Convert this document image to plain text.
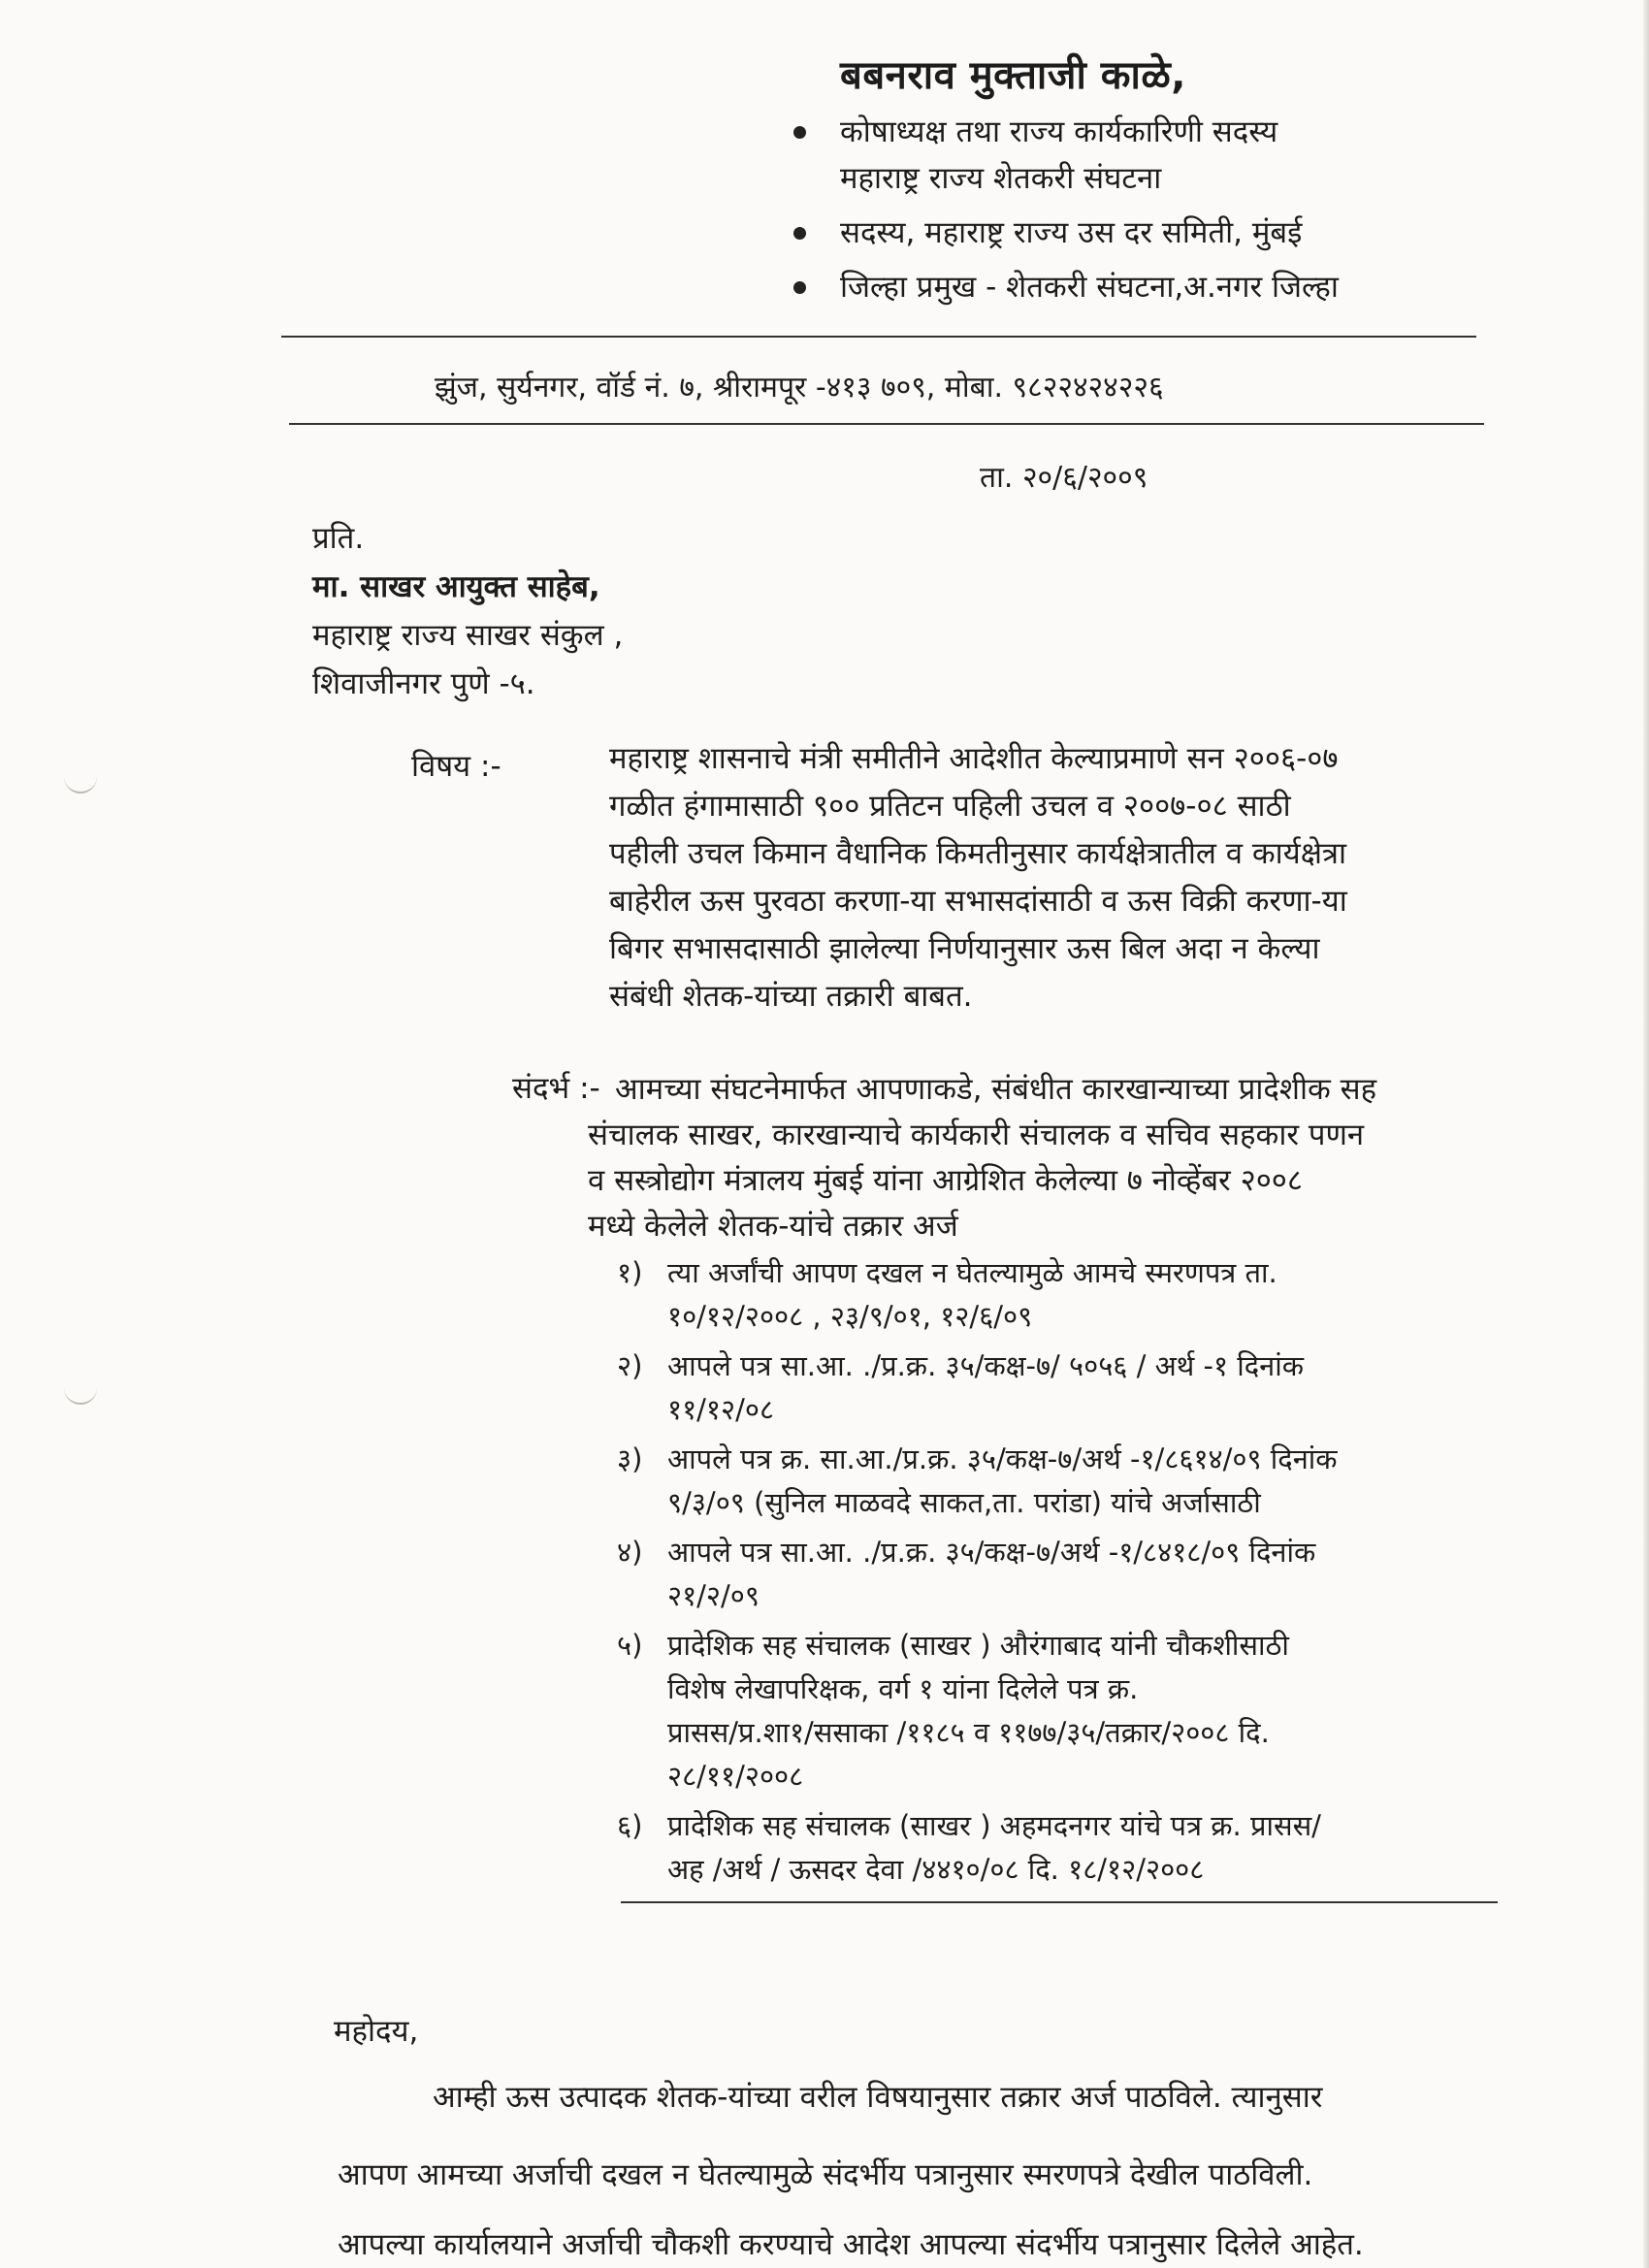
बबनराव मुक्ताजी काळे,
कोषाध्यक्ष तथा राज्य कार्यकारिणी सदस्य
महाराष्ट्र राज्य शेतकरी संघटना
सदस्य, महाराष्ट्र राज्य उस दर समिती, मुंबई
जिल्हा प्रमुख - शेतकरी संघटना,अ.नगर जिल्हा
झुंज, सुर्यनगर, वॉर्ड नं. ७, श्रीरामपूर -४१३ ७०९, मोबा. ९८२२४२४२२६
ता. २०/६/२००९
प्रति.
मा. साखर आयुक्त साहेब,
महाराष्ट्र राज्य साखर संकुल ,
शिवाजीनगर पुणे -५.
विषय :-	महाराष्ट्र शासनाचे मंत्री समीतीने आदेशीत केल्याप्रमाणे सन २००६-०७
गळीत हंगामासाठी ९०० प्रतिटन पहिली उचल व २००७-०८ साठी
पहीली उचल किमान वैधानिक किमतीनुसार कार्यक्षेत्रातील व कार्यक्षेत्रा
बाहेरील ऊस पुरवठा करणा-या सभासदांसाठी व ऊस विक्री करणा-या
बिगर सभासदासाठी झालेल्या निर्णयानुसार ऊस बिल अदा न केल्या
संबंधी शेतक-यांच्या तक्रारी बाबत.
संदर्भ :- आमच्या संघटनेमार्फत आपणाकडे, संबंधीत कारखान्याच्या प्रादेशीक सह
संचालक साखर, कारखान्याचे कार्यकारी संचालक व सचिव सहकार पणन
व सस्त्रोद्योग मंत्रालय मुंबई यांना आग्रेशित केलेल्या ७ नोव्हेंबर २००८
मध्ये केलेले शेतक-यांचे तक्रार अर्ज
१) त्या अर्जांची आपण दखल न घेतल्यामुळे आमचे स्मरणपत्र ता.
१०/१२/२००८ , २३/९/०१, १२/६/०९
२) आपले पत्र सा.आ. ./प्र.क्र. ३५/कक्ष-७/ ५०५६ / अर्थ -१ दिनांक
११/१२/०८
३) आपले पत्र क्र. सा.आ./प्र.क्र. ३५/कक्ष-७/अर्थ -१/८६१४/०९ दिनांक
९/३/०९ (सुनिल माळवदे साकत,ता. परांडा) यांचे अर्जासाठी
४) आपले पत्र सा.आ. ./प्र.क्र. ३५/कक्ष-७/अर्थ -१/८४१८/०९ दिनांक
२१/२/०९
५) प्रादेशिक सह संचालक (साखर ) औरंगाबाद यांनी चौकशीसाठी
विशेष लेखापरिक्षक, वर्ग १ यांना दिलेले पत्र क्र.
प्रासस/प्र.शा१/ससाका /११८५ व ११७७/३५/तक्रार/२००८ दि.
२८/११/२००८
६) प्रादेशिक सह संचालक (साखर ) अहमदनगर यांचे पत्र क्र. प्रासस/
अह /अर्थ / ऊसदर देवा /४४१०/०८ दि. १८/१२/२००८
महोदय,
आम्ही ऊस उत्पादक शेतक-यांच्या वरील विषयानुसार तक्रार अर्ज पाठविले. त्यानुसार
आपण आमच्या अर्जाची दखल न घेतल्यामुळे संदर्भीय पत्रानुसार स्मरणपत्रे देखील पाठविली.
आपल्या कार्यालयाने अर्जाची चौकशी करण्याचे आदेश आपल्या संदर्भीय पत्रानुसार दिलेले आहेत.
